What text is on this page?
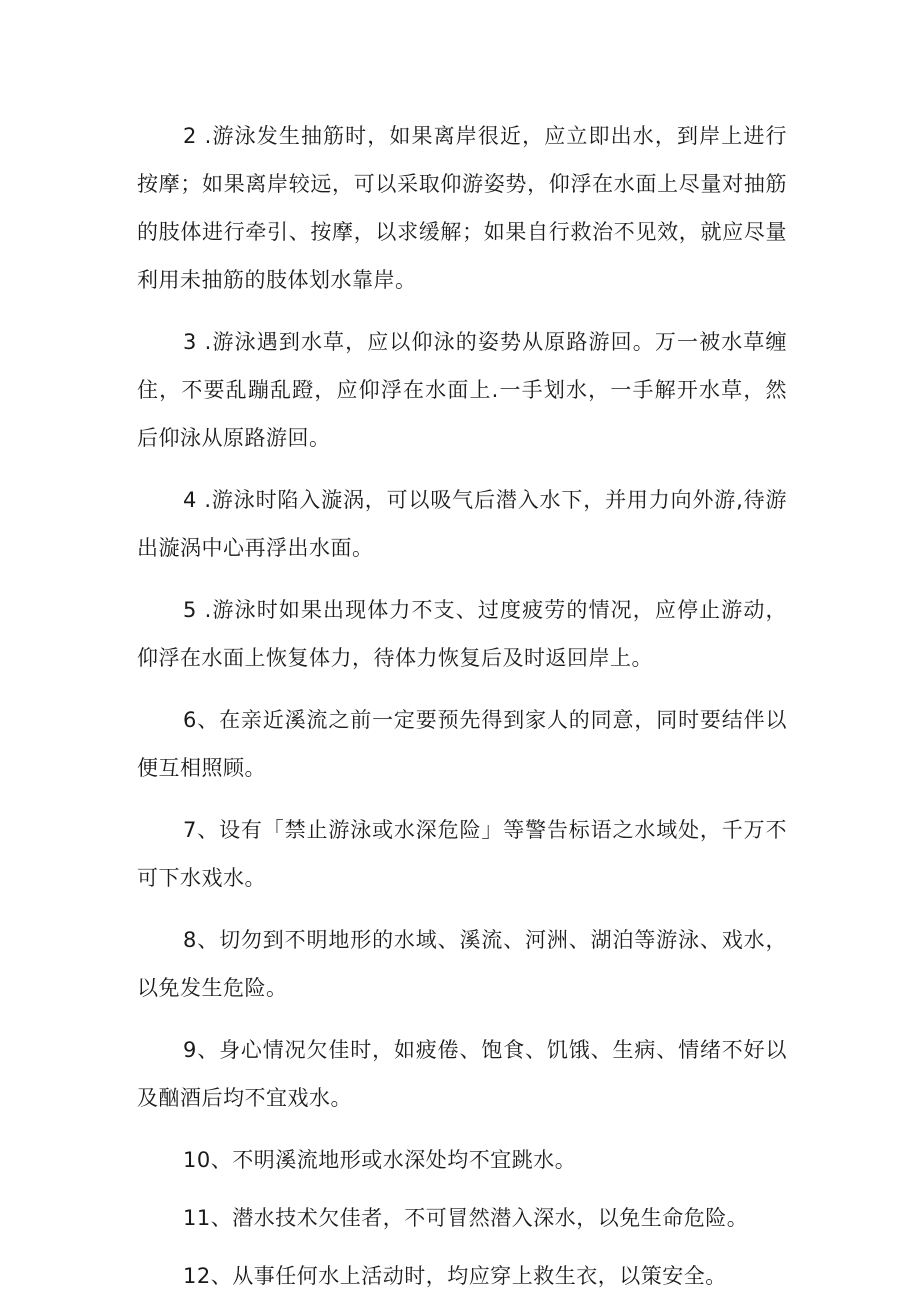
2 .游泳发生抽筋时，如果离岸很近，应立即出水，到岸上进行按摩；如果离岸较远，可以采取仰游姿势，仰浮在水面上尽量对抽筋的肢体进行牵引、按摩，以求缓解；如果自行救治不见效，就应尽量利用未抽筋的肢体划水靠岸。

3 .游泳遇到水草，应以仰泳的姿势从原路游回。万一被水草缠住，不要乱蹦乱蹬，应仰浮在水面上.一手划水，一手解开水草，然后仰泳从原路游回。

4 .游泳时陷入漩涡，可以吸气后潜入水下，并用力向外游,待游出漩涡中心再浮出水面。

5 .游泳时如果出现体力不支、过度疲劳的情况，应停止游动，仰浮在水面上恢复体力，待体力恢复后及时返回岸上。

6、在亲近溪流之前一定要预先得到家人的同意，同时要结伴以便互相照顾。

7、设有「禁止游泳或水深危险」等警告标语之水域处，千万不可下水戏水。

8、切勿到不明地形的水域、溪流、河洲、湖泊等游泳、戏水，以免发生危险。

9、身心情况欠佳时，如疲倦、饱食、饥饿、生病、情绪不好以及酗酒后均不宜戏水。

10、不明溪流地形或水深处均不宜跳水。

11、潜水技术欠佳者，不可冒然潜入深水，以免生命危险。

12、从事任何水上活动时，均应穿上救生衣，以策安全。
